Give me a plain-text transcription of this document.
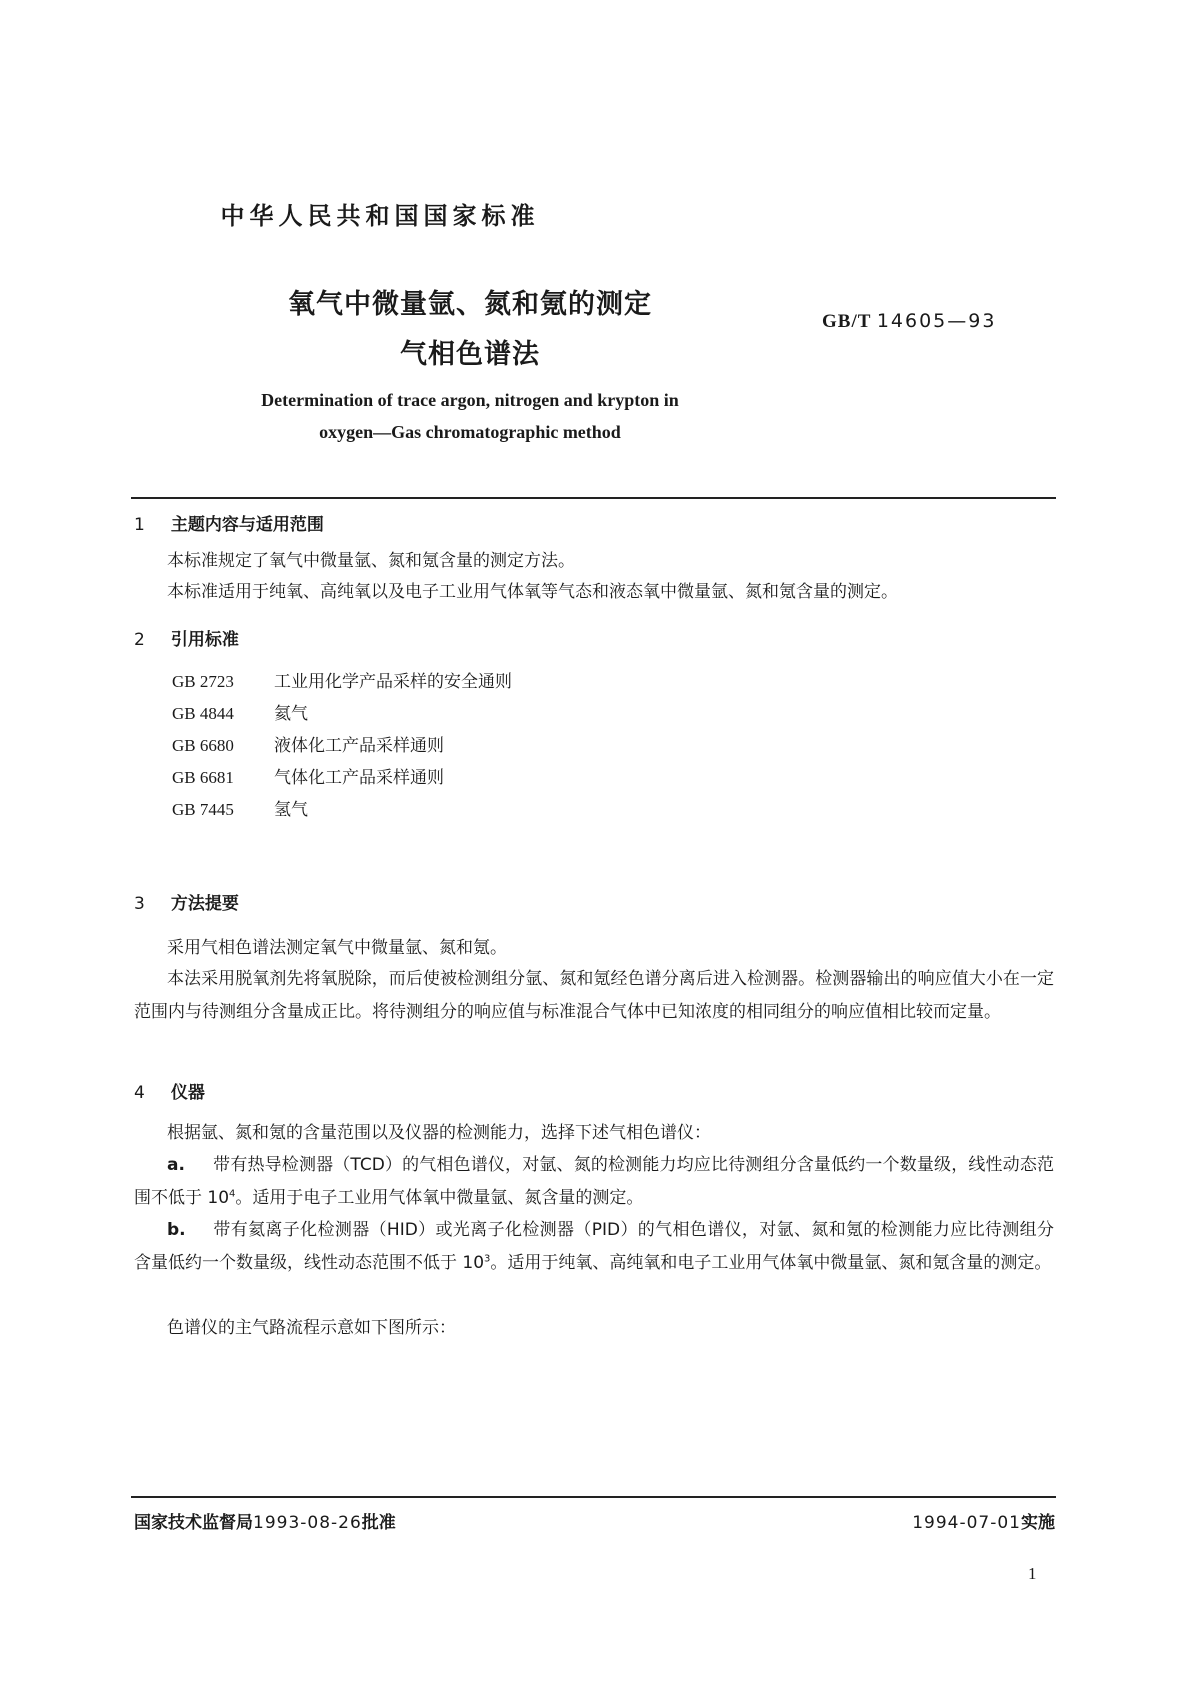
中华人民共和国国家标准
氧气中微量氩、氮和氪的测定
气相色谱法
GB/T 14605—93
Determination of trace argon, nitrogen and krypton in
oxygen—Gas chromatographic method
1 主题内容与适用范围

本标准规定了氧气中微量氩、氮和氪含量的测定方法。

本标准适用于纯氧、高纯氧以及电子工业用气体氧等气态和液态氧中微量氩、氮和氪含量的测定。

2 引用标准
GB 2723 工业用化学产品采样的安全通则
GB 4844 氦气
GB 6680 液体化工产品采样通则
GB 6681 气体化工产品采样通则
GB 7445 氢气
3 方法提要

采用气相色谱法测定氧气中微量氩、氮和氪。

本法采用脱氧剂先将氧脱除，而后使被检测组分氩、氮和氪经色谱分离后进入检测器。检测器输出的响应值大小在一定范围内与待测组分含量成正比。将待测组分的响应值与标准混合气体中已知浓度的相同组分的响应值相比较而定量。

4 仪器

根据氩、氮和氪的含量范围以及仪器的检测能力，选择下述气相色谱仪：

a. 带有热导检测器（TCD）的气相色谱仪，对氩、氮的检测能力均应比待测组分含量低约一个数量级，线性动态范围不低于 $10^4$。适用于电子工业用气体氧中微量氩、氮含量的测定。

b. 带有氦离子化检测器（HID）或光离子化检测器（PID）的气相色谱仪，对氩、氮和氪的检测能力应比待测组分含量低约一个数量级，线性动态范围不低于 $10^3$。适用于纯氧、高纯氧和电子工业用气体氧中微量氩、氮和氪含量的测定。

色谱仪的主气路流程示意如下图所示：

国家技术监督局1993-08-26批准	1994-07-01实施
1
